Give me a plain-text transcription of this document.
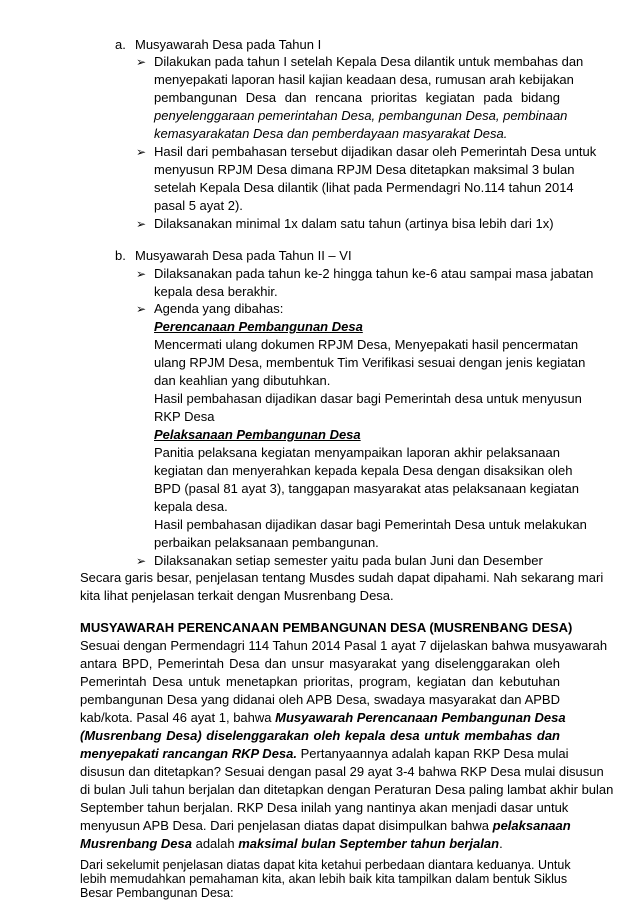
a. Musyawarah Desa pada Tahun I
➢ Dilakukan pada tahun I setelah Kepala Desa dilantik untuk membahas dan
menyepakati laporan hasil kajian keadaan desa, rumusan arah kebijakan
pembangunan Desa dan rencana prioritas kegiatan pada bidang
penyelenggaraan pemerintahan Desa, pembangunan Desa, pembinaan
kemasyarakatan Desa dan pemberdayaan masyarakat Desa.
➢ Hasil dari pembahasan tersebut dijadikan dasar oleh Pemerintah Desa untuk
menyusun RPJM Desa dimana RPJM Desa ditetapkan maksimal 3 bulan
setelah Kepala Desa dilantik (lihat pada Permendagri No.114 tahun 2014
pasal 5 ayat 2).
➢ Dilaksanakan minimal 1x dalam satu tahun (artinya bisa lebih dari 1x)
b. Musyawarah Desa pada Tahun II – VI
➢ Dilaksanakan pada tahun ke-2 hingga tahun ke-6 atau sampai masa jabatan
kepala desa berakhir.
➢ Agenda yang dibahas:
Perencanaan Pembangunan Desa
Mencermati ulang dokumen RPJM Desa, Menyepakati hasil pencermatan
ulang RPJM Desa, membentuk Tim Verifikasi sesuai dengan jenis kegiatan
dan keahlian yang dibutuhkan.
Hasil pembahasan dijadikan dasar bagi Pemerintah desa untuk menyusun
RKP Desa
Pelaksanaan Pembangunan Desa
Panitia pelaksana kegiatan menyampaikan laporan akhir pelaksanaan
kegiatan dan menyerahkan kepada kepala Desa dengan disaksikan oleh
BPD (pasal 81 ayat 3), tanggapan masyarakat atas pelaksanaan kegiatan
kepala desa.
Hasil pembahasan dijadikan dasar bagi Pemerintah Desa untuk melakukan
perbaikan pelaksanaan pembangunan.
➢ Dilaksanakan setiap semester yaitu pada bulan Juni dan Desember
Secara garis besar, penjelasan tentang Musdes sudah dapat dipahami. Nah sekarang mari
kita lihat penjelasan terkait dengan Musrenbang Desa.
MUSYAWARAH PERENCANAAN PEMBANGUNAN DESA (MUSRENBANG DESA)
Sesuai dengan Permendagri 114 Tahun 2014 Pasal 1 ayat 7 dijelaskan bahwa musyawarah
antara BPD, Pemerintah Desa dan unsur masyarakat yang diselenggarakan oleh
Pemerintah Desa untuk menetapkan prioritas, program, kegiatan dan kebutuhan
pembangunan Desa yang didanai oleh APB Desa, swadaya masyarakat dan APBD
kab/kota. Pasal 46 ayat 1, bahwa Musyawarah Perencanaan Pembangunan Desa
(Musrenbang Desa) diselenggarakan oleh kepala desa untuk membahas dan
menyepakati rancangan RKP Desa. Pertanyaannya adalah kapan RKP Desa mulai
disusun dan ditetapkan? Sesuai dengan pasal 29 ayat 3-4 bahwa RKP Desa mulai disusun
di bulan Juli tahun berjalan dan ditetapkan dengan Peraturan Desa paling lambat akhir bulan
September tahun berjalan. RKP Desa inilah yang nantinya akan menjadi dasar untuk
menyusun APB Desa. Dari penjelasan diatas dapat disimpulkan bahwa pelaksanaan
Musrenbang Desa adalah maksimal bulan September tahun berjalan.
Dari sekelumit penjelasan diatas dapat kita ketahui perbedaan diantara keduanya. Untuk
lebih memudahkan pemahaman kita, akan lebih baik kita tampilkan dalam bentuk Siklus
Besar Pembangunan Desa:
